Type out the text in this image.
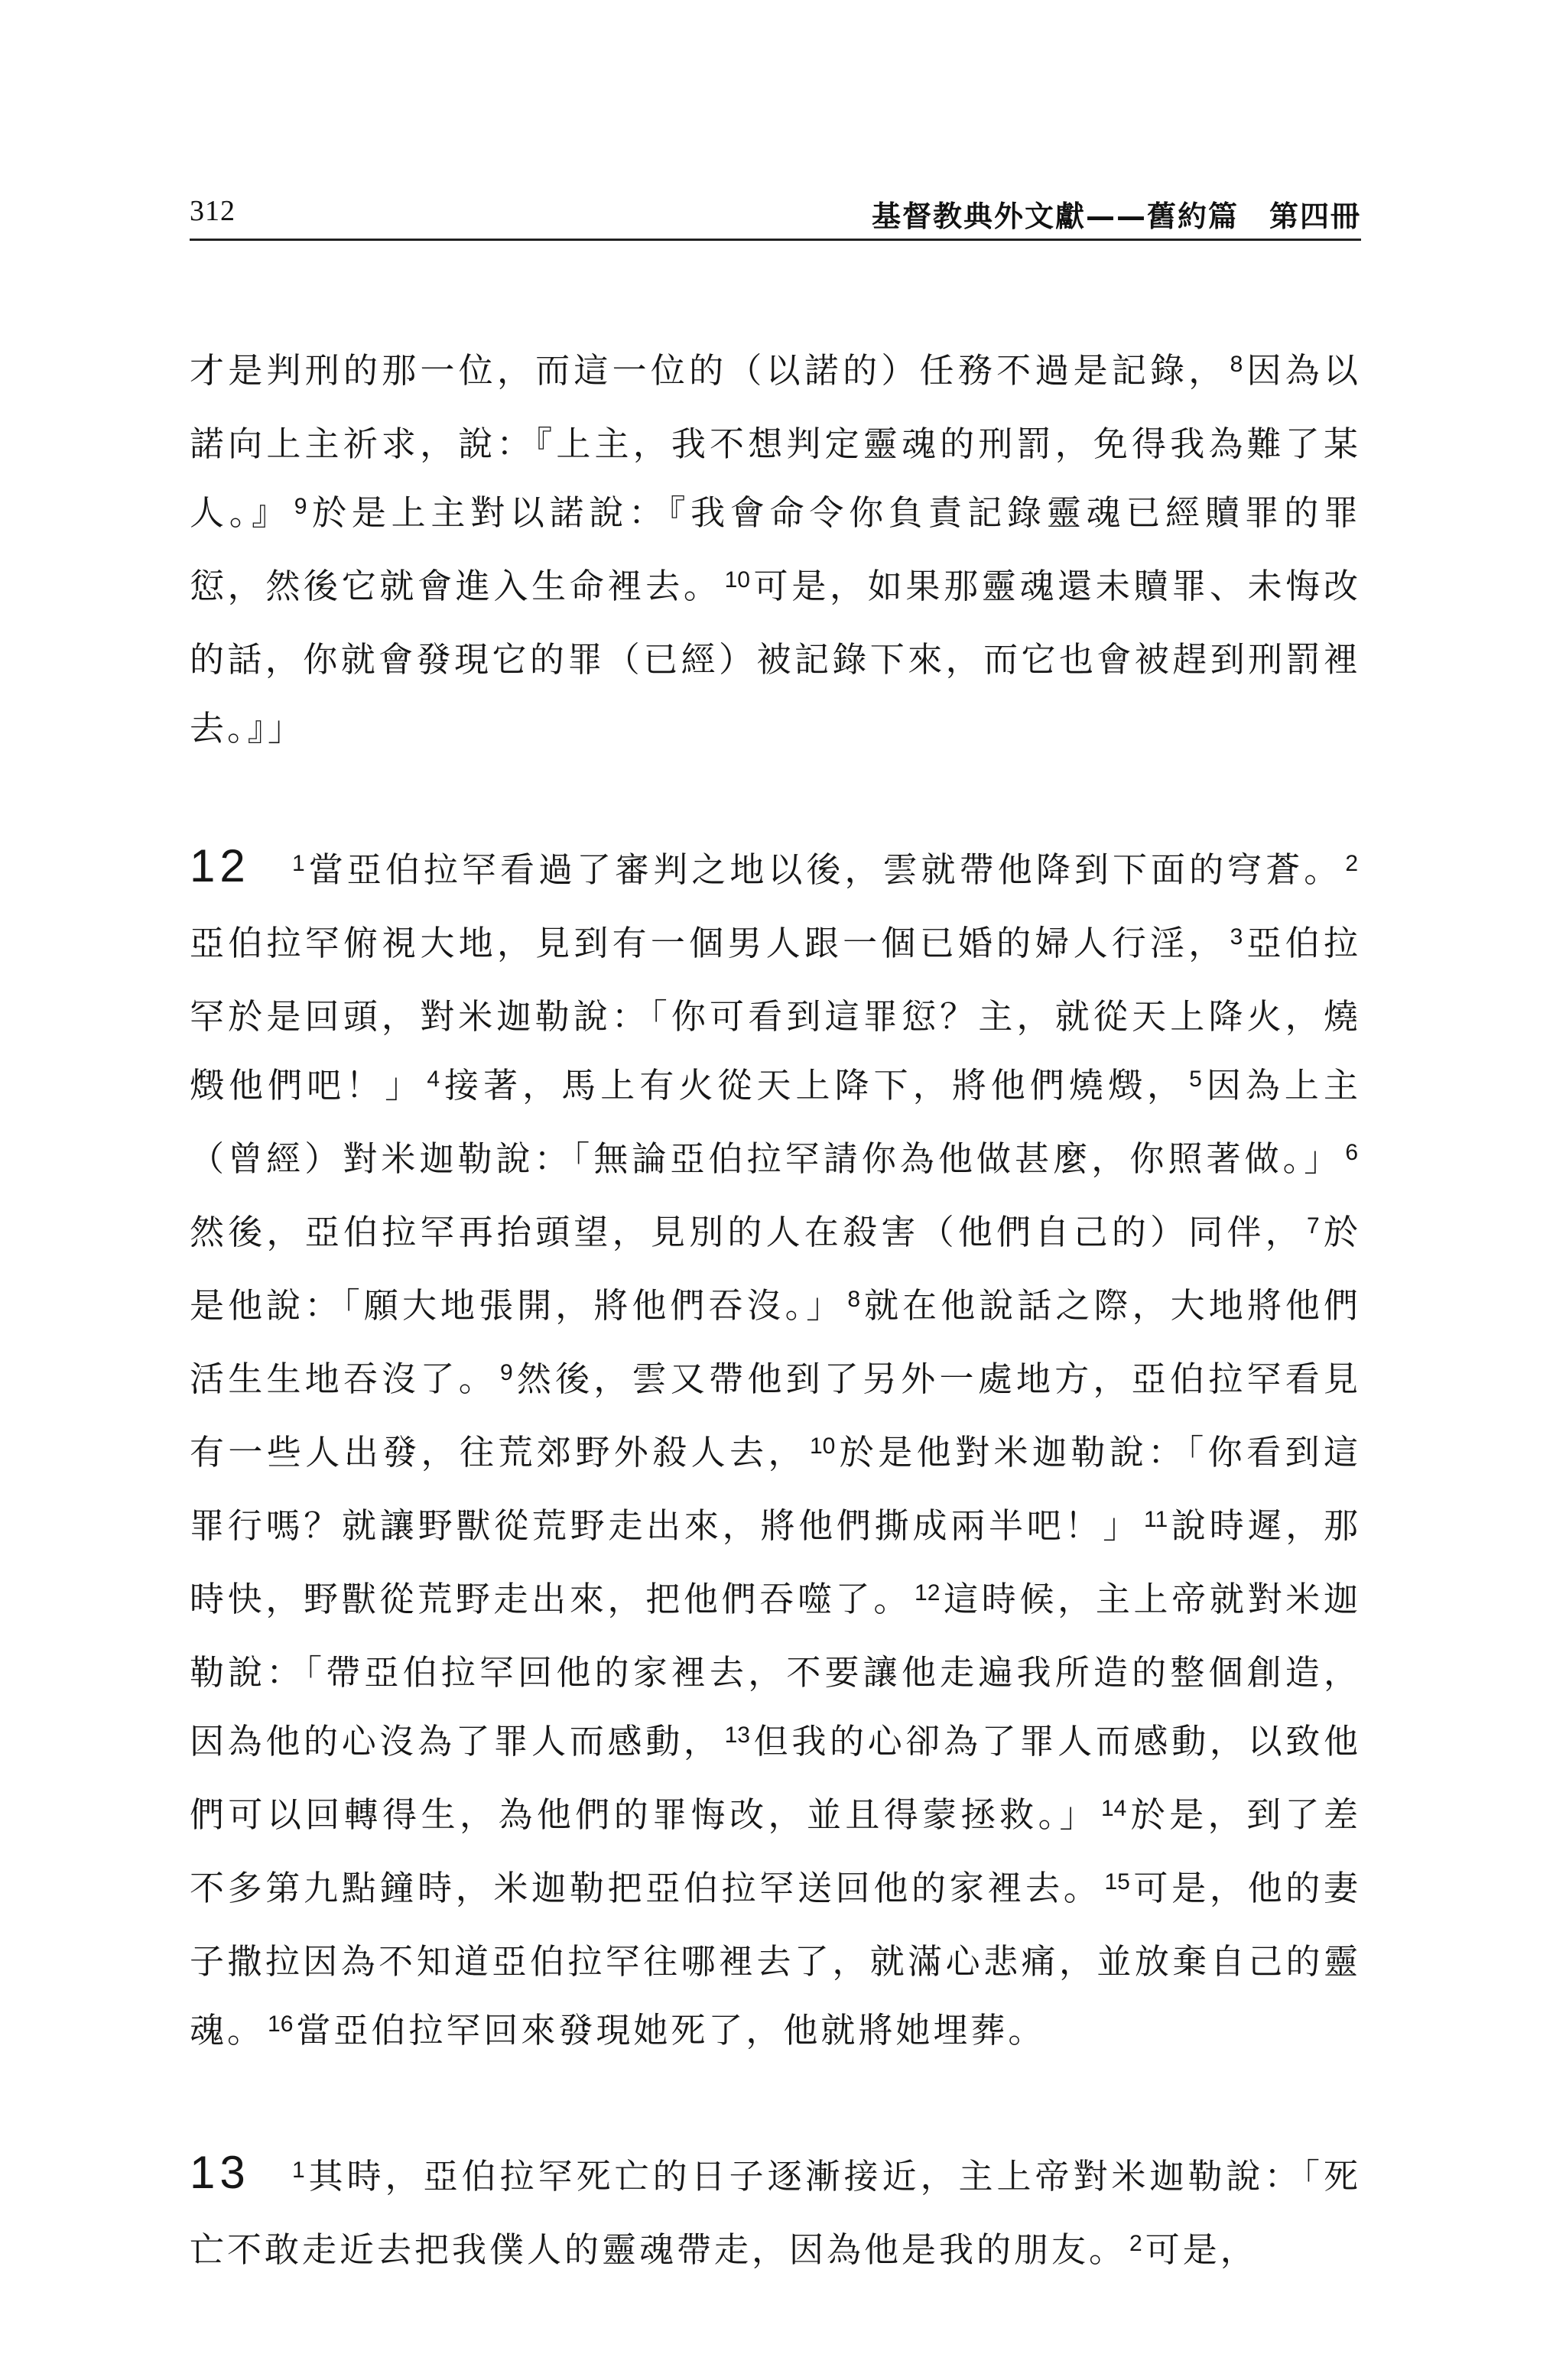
312	基督教典外文獻——舊約篇　第四冊

才是判刑的那一位，而這一位的（以諾的）任務不過是記錄， $^8$因為以諾向上主祈求，說：『上主，我不想判定靈魂的刑罰，免得我為難了某人。』 $^9$於是上主對以諾說：『我會命令你負責記錄靈魂已經贖罪的罪愆，然後它就會進入生命裡去。 $^{10}$可是，如果那靈魂還未贖罪、未悔改的話，你就會發現它的罪（已經）被記錄下來，而它也會被趕到刑罰裡去。』」

12 $^1$當亞伯拉罕看過了審判之地以後，雲就帶他降到下面的穹蒼。 $^2$亞伯拉罕俯視大地，見到有一個男人跟一個已婚的婦人行淫， $^3$亞伯拉罕於是回頭，對米迦勒說：「你可看到這罪愆？主，就從天上降火，燒燬他們吧！」 $^4$接著，馬上有火從天上降下，將他們燒燬， $^5$因為上主（曾經）對米迦勒說：「無論亞伯拉罕請你為他做甚麼，你照著做。」 $^6$然後，亞伯拉罕再抬頭望，見別的人在殺害（他們自己的）同伴， $^7$於是他說：「願大地張開，將他們吞沒。」 $^8$就在他說話之際，大地將他們活生生地吞沒了。 $^9$然後，雲又帶他到了另外一處地方，亞伯拉罕看見有一些人出發，往荒郊野外殺人去， $^{10}$於是他對米迦勒說：「你看到這罪行嗎？就讓野獸從荒野走出來，將他們撕成兩半吧！」 $^{11}$說時遲，那時快，野獸從荒野走出來，把他們吞噬了。 $^{12}$這時候，主上帝就對米迦勒說：「帶亞伯拉罕回他的家裡去，不要讓他走遍我所造的整個創造，因為他的心沒為了罪人而感動， $^{13}$但我的心卻為了罪人而感動，以致他們可以回轉得生，為他們的罪悔改，並且得蒙拯救。」 $^{14}$於是，到了差不多第九點鐘時，米迦勒把亞伯拉罕送回他的家裡去。 $^{15}$可是，他的妻子撒拉因為不知道亞伯拉罕往哪裡去了，就滿心悲痛，並放棄自己的靈魂。 $^{16}$當亞伯拉罕回來發現她死了，他就將她埋葬。

13 $^1$其時，亞伯拉罕死亡的日子逐漸接近，主上帝對米迦勒說：「死亡不敢走近去把我僕人的靈魂帶走，因為他是我的朋友。 $^2$可是，
